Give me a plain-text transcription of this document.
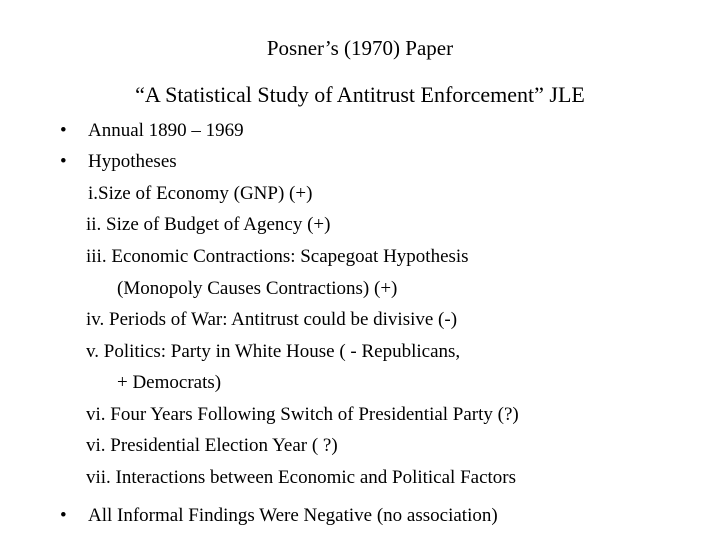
Posner’s (1970) Paper
“A Statistical Study of Antitrust Enforcement” JLE
• Annual 1890 – 1969
• Hypotheses
i.Size of Economy (GNP) (+)
ii. Size of Budget of Agency (+)
iii. Economic Contractions: Scapegoat Hypothesis
(Monopoly Causes Contractions) (+)
iv. Periods of War: Antitrust could be divisive (-)
v. Politics: Party in White House ( - Republicans,
+ Democrats)
vi. Four Years Following Switch of Presidential Party (?)
vi. Presidential Election Year ( ?)
vii. Interactions between Economic and Political Factors
• All Informal Findings Were Negative (no association)
